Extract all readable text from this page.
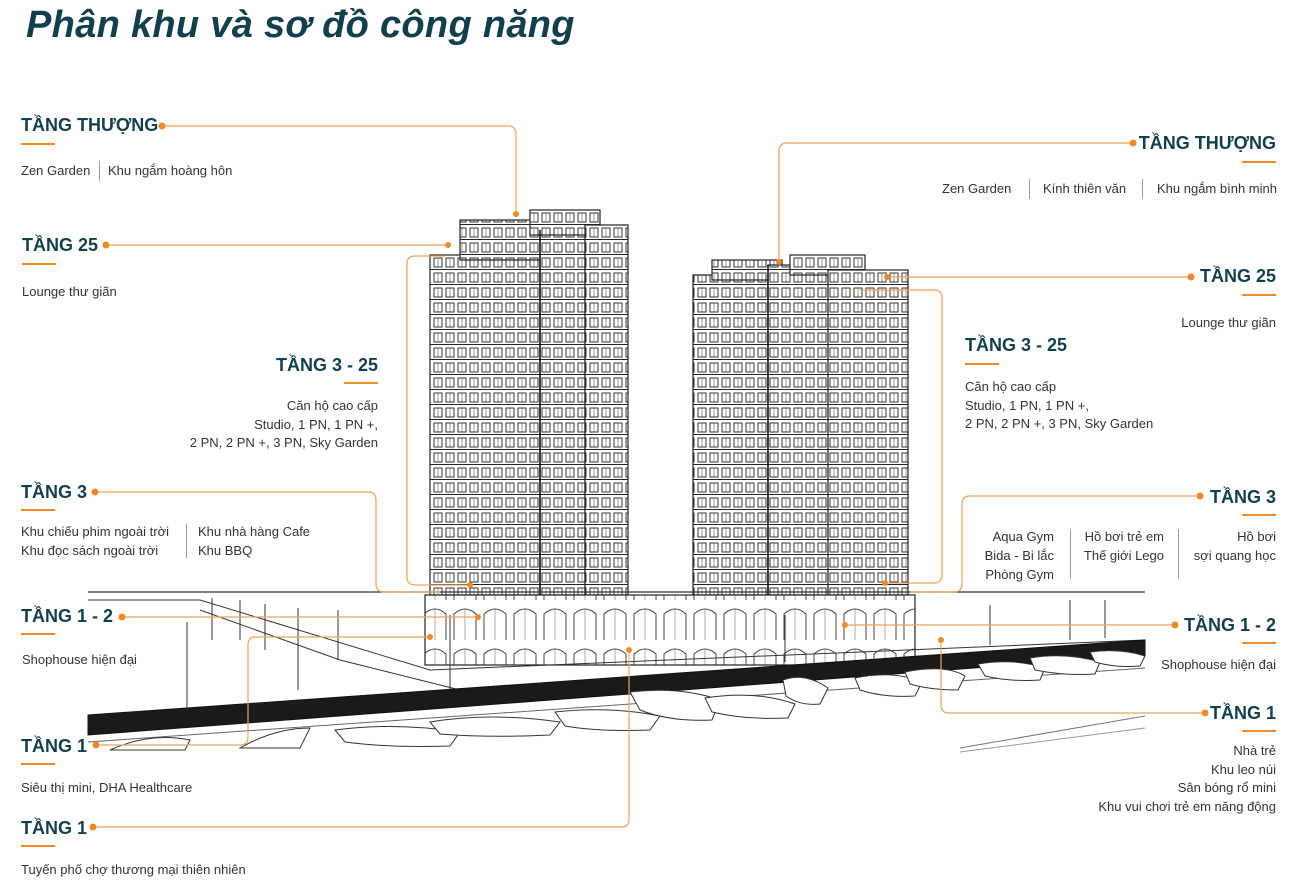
Phân khu và sơ đồ công năng
TẦNG THƯỢNG
Zen Garden Khu ngắm hoàng hôn
TẦNG 25
Lounge thư giãn
TẦNG 3 - 25
Căn hộ cao cấp
Studio, 1 PN, 1 PN +,
2 PN, 2 PN +, 3 PN, Sky Garden
TẦNG 3
Khu chiếu phim ngoài trời
Khu đọc sách ngoài trời
Khu nhà hàng Cafe
Khu BBQ
TẦNG 1 - 2
Shophouse hiện đại
TẦNG 1
Siêu thị mini, DHA Healthcare
TẦNG 1
Tuyến phố chợ thương mại thiên nhiên
TẦNG THƯỢNG
Zen Garden Kính thiên văn Khu ngắm bình minh
TẦNG 25
Lounge thư giãn
TẦNG 3 - 25
Căn hộ cao cấp
Studio, 1 PN, 1 PN +,
2 PN, 2 PN +, 3 PN, Sky Garden
TẦNG 3
Aqua Gym
Bida - Bi lắc
Phòng Gym
Hồ bơi trẻ em
Thế giới Lego
Hồ bơi
sợi quang học
TẦNG 1 - 2
Shophouse hiện đại
TẦNG 1
Nhà trẻ
Khu leo núi
Sân bóng rổ mini
Khu vui chơi trẻ em năng động
